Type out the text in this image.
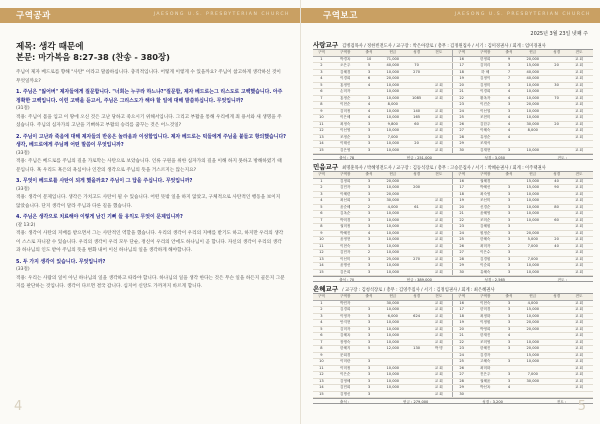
구역공과	JAESONG U.S. PRESBYTERIAN CHURCH
제목: 생각 때문에
본문: 마가복음 8:27-38 (찬송 - 380장)
주님이 제자 베드로를 향해 "사탄" 이라고 말씀하십니다. 충격적입니다. 어떻게 이렇게 수 있을까요? 주님이 참고하게 생각하신 것이 무엇일까요?
1. 주님은 "잃어버" 제자들에게 질문합니다. "너희는 누구라 하느냐?"질문함, 제자 베드로는그 리스도로 고백했습니다. 아주 정확한 고백입니다. 이런 고백을 듣고서, 주님은 그리스도가 해야 할 일에 대해 말씀하십니다. 무엇입니까?
(31절)
적용: 주님이 몸을 입고 이 땅에 오신 것은 고난 당하고 죽으시기 위해서입니다. 그리고 부활을 통해 우리에게 죄 용서와 새 생명을 주셨습니다. 주님의 십자가의 고난을 기뻐하고 부활의 승리를 꿈꾸는 것은 어느것일?
2. 주님이 고난과 죽음에 대해 제자들의 반응은 놀라움과 이성함입니다. 제자 베드로는 턱들에게 주님을 붙들고 항의했습니다?생각, 베드로에게 주님께 어떤 말씀이 무엇입니까?
(33절)
적용: 주님은 베드로를 주님의 길을 가로막는 사탄으로 보았습니다. 인류 구원을 위한 십자가의 길을 이해 하지 못하고 방해하였기 때문입니다. 혹 우리도 혹은의 욕심이나 인간의 생각으로 주님의 뜻을 거스르지는 않는지요?
3. 무엇이 베드로를 사탄이 되게 했을까요? 주님이 그 답을 주십니다. 무엇입니까?
(33절)
적용: 생각이 문제입니다. 생각은 가치고도 사탄이 될 수 있습니다. 어떤 뜻밖 일을 하지 않았고, 구체적으로 사탄적인 행동을 보이지 않았습니다. 단지 생각이 달라 주님과 다른 길을 했습니다.
4. 주님은 생각으로 치료해야 이렇게 남긴 기뻐 들 유익도 무엇이 문제입니까?
(갈 13:2)
적용: 생각이 사탄의 지배를 받으면서 그는 사탄적인 역할을 했습니다. 우리의 생각이 우리의 지배를 받기도 하고, 하지만 우리의 생각이 스스로 자니갈 수 있습니다. 우리의 생각이 우리 모두 단순, 정신이 우리의 안에도 하나님이 곧 합니다. 자신의 생각이 우리의 생각과 하나님의 인도 받아 주님의 뜻을 변화 내어 이신 하나님의 일을 생각하게 해야합니다.
5. 두 가지 생각이 있습니다. 무엇입니까?
(33절)
적용: 우리는 사람의 일이 아닌 하나님의 일을 생각하고 따라야 합니다. 하나님의 일을 생각 한다는 것은 무슨 일을 하든지 골돈지 그분지를 판단하는 것입니다. 생각이 다르면 결국 갑니다. 심지어 신앙도 가까져지 바르게 합니다.
4
구역보고	JAESONG U.S. PRESBYTERIAN CHURCH
2025년 3월 23일 넷째 주
사랑교구 김병겸목사 / 정한빈전도사 / 교구장 : 박은아장로 / 총무 : 김정원집사 / 서기 : 김미경권사 / 회계 : 엄미경권사
구역	구역장	출석	헌금	성경	전도	구역	구역장	출석	헌금	성경	전도
1	박경옥	10	71,000			16	한정희	9	20,000		교 회
2	오은주	5	40,000	70		17	김미리	3	15,000	20	교 회
3	김혜경	3	10,000	270		18	하 혜	7	40,000		교 회
4	이경희	6	20,000			19	김정이	7	40,000		교 회
5	홍정민	4	10,000		교 회	20	김정미	3	10,000	30	교 회
6	손미자		10,000		교 회	21	이경희	4	10,000		교 회
7	홍정순	3	10,000	1085	교 회	22	황옥자	4	10,000	70	교 회
8	이현순	4	8,000			23	이진순	3	20,000		교 회
9	김미정	4	10,000	140	교 회	24	이선열	3	10,000		교 회
10	이은혜	4	10,000	165	교 회	25	조현미	4	10,000		교 회
11	최정숙	3	9,800	60	교 회	26	김한주	4	30,000	20	교 회
12	이선영	3	10,000		교 회	27	이혜숙	4	8,000		교 회
13	조정순	3	7,000		교 회	28	유정순	4			교 회
14	이태신	3	10,000	20	교 회	29	조재석				
15	김은영	3	10,000		교 회	30	김재현	3	10,000		교 회
출석 : 78	헌금 : 251,000	성경 : 3,050	전도 :
민음교구 최명훈목사 / 박혜영전도사 / 교구장 : 김동석장로 / 총무 : 고승문집사 / 서기 : 박혜순권사 / 회계 : 이주택권사
구역	구역장	출석	헌금	성경	전도	구역	구역장	출석	헌금	성경	전도
1	김정희	3	20,000			16	권혜경		15,000	40	교 회
2	김민자	3	10,000	200		17	박혜선	3	15,000	90	교 회
3	이혜련	3	20,000			18	최숙영	3	10,000		교 회
4	최선희	3	30,000		교 회	19	조선미	3	10,000		교 회
5	윤순혜	2	4,000	61	교 회	20	신경순	3	10,000	80	교 회
6	김옥순	3	10,000		교 회	21	윤혜영	3	10,000		교 회
7	박미경	3	10,000		교 회	22	조미순	3	10,000	60	교 회
8	권미정	3	10,000		교 회	23	김혜원	3			교 회
9	박혜진	4	10,000		교 회	24	원정순	3	20,000		교 회
10	윤정현	3	10,000		교 회	25	한혜숙	3	5,000	20	교 회
11	이현숙	3	10,000		교 회	26	최미자	2	7,000	40	교 회
12	김민자	2	10,000		교 회	27	이은수	3			교 회
13	이선미	3	25,000	270	교 회	28	김경원	3	7,000		교 회
14	윤명선	3	10,000		교 회	29	이순희	3	10,000		교 회
15	김은희	3	10,000		교 회	30	유혜숙	3	10,000		교 회
출석 : 70	헌금 : 389,000	성경 : 2,565	전도 :
은혜교구 / 교구장 : 김청석장로 / 총무 : 김영주집사 / 서기 : 김정임권사 / 회계 : 최은혜권사
구역	구역장	출석	헌금	성경	전도	구역	구역장	출석	헌금	성경	전도
1	박민자		30,000		교 회	16	이현숙	3	4,000		교 회
2	김경희	3	10,000		교 회	17	한미경	3	15,000		교 회
3	이영자	3	6,000	624	교 회	18	최정화	3	10,000		교 회
4	안지현	3	10,000		교 회	19	이정원	3	20,000		교 회
5	김미자	3	10,000		교 회	20	박영희	3	20,000		교 회
6	김혜옥	3	10,000		교 회	21	한재진	4			교 회
7	장명숙	3	10,000		교 회	22	조미영	3	10,000		교 회
8	한혜지	5	12,000	130	박 명	23	한혜진	3	20,000		교 회
9	문희경					24	김경자		15,000		교 회
10	이미란	3				25	고혜숙	3	10,000		교 회
11	이미정	3	10,000		교 회	26	최미화				교 회
12	이은순	3	10,000		교 회	27	진은주	3	7,000		교 회
13	김영혜	3	10,000		교 회	28	권혜윤	3	30,000		교 회
14	김민희	3	10,000		교 회	29	박선옥	4			교 회
15	김명신	3			교 회	30					
출석 :	헌금 : 279,000	성경 : 3,200	전도 : 5
